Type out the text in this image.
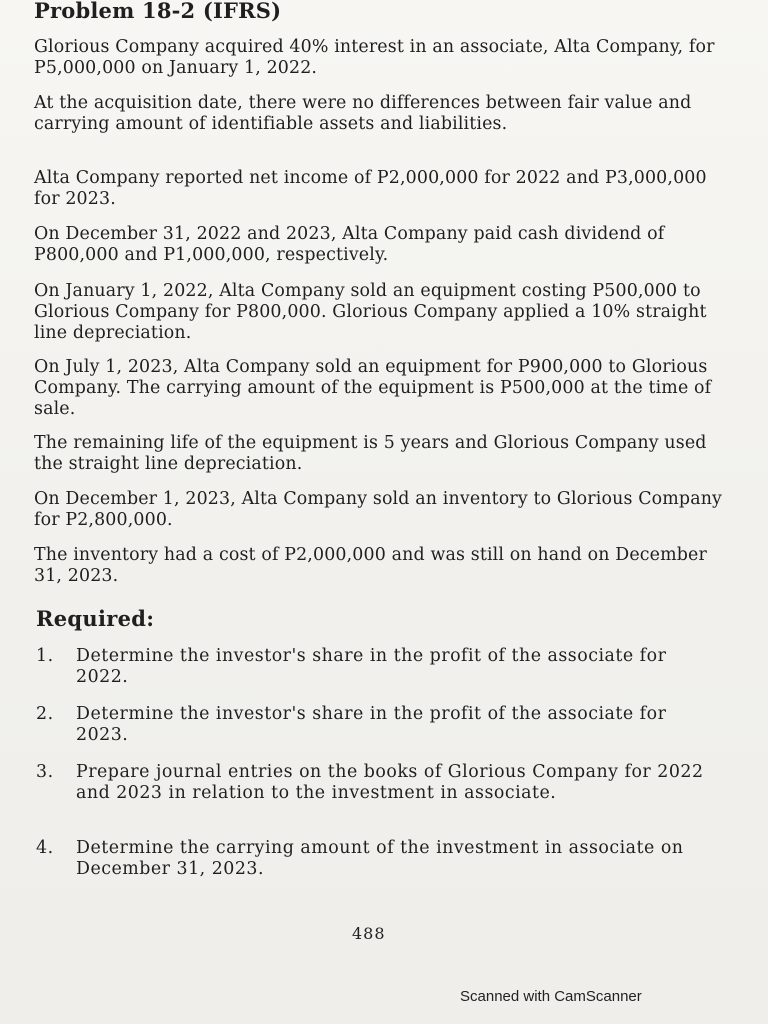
Problem 18-2 (IFRS)

Glorious Company acquired 40% interest in an associate, Alta Company, for P5,000,000 on January 1, 2022.

At the acquisition date, there were no differences between fair value and carrying amount of identifiable assets and liabilities.

Alta Company reported net income of P2,000,000 for 2022 and P3,000,000 for 2023.

On December 31, 2022 and 2023, Alta Company paid cash dividend of P800,000 and P1,000,000, respectively.

On January 1, 2022, Alta Company sold an equipment costing P500,000 to Glorious Company for P800,000. Glorious Company applied a 10% straight line depreciation.

On July 1, 2023, Alta Company sold an equipment for P900,000 to Glorious Company. The carrying amount of the equipment is P500,000 at the time of sale.

The remaining life of the equipment is 5 years and Glorious Company used the straight line depreciation.

On December 1, 2023, Alta Company sold an inventory to Glorious Company for P2,800,000.

The inventory had a cost of P2,000,000 and was still on hand on December 31, 2023.

Required:
1. Determine the investor's share in the profit of the associate for 2022.
2. Determine the investor's share in the profit of the associate for 2023.
3. Prepare journal entries on the books of Glorious Company for 2022 and 2023 in relation to the investment in associate.
4. Determine the carrying amount of the investment in associate on December 31, 2023.
488
Scanned with CamScanner
